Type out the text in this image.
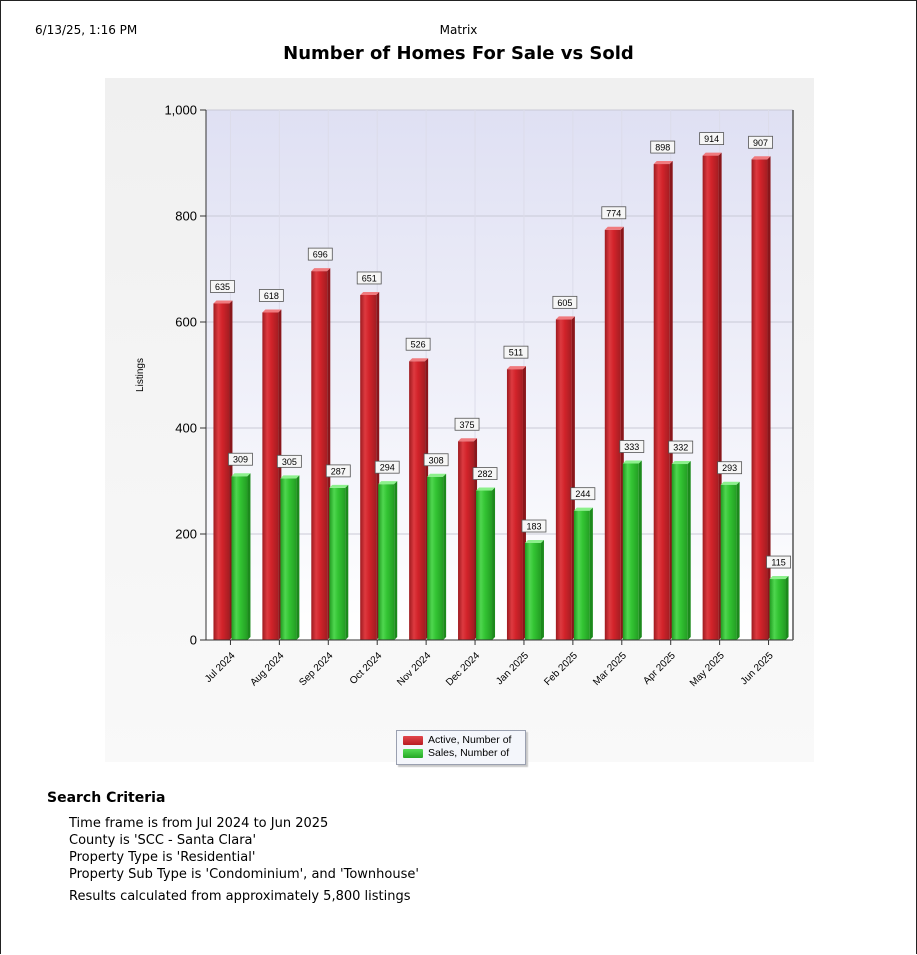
6/13/25, 1:16 PM	Matrix
Number of Homes For Sale vs Sold
0
200
400
600
800
1,000
635
309
618
305
696
287
651
294
526
308
375
282
511
183
605
244
774
333
898
332
914
293
907
115
Jul 2024 Aug 2024 Sep 2024 Oct 2024 Nov 2024 Dec 2024 Jan 2025 Feb 2025 Mar 2025 Apr 2025 May 2025 Jun 2025
Listings
Active, Number of
Sales, Number of
Search Criteria
Time frame is from Jul 2024 to Jun 2025
County is 'SCC - Santa Clara'
Property Type is 'Residential'
Property Sub Type is 'Condominium', and 'Townhouse'
Results calculated from approximately 5,800 listings
